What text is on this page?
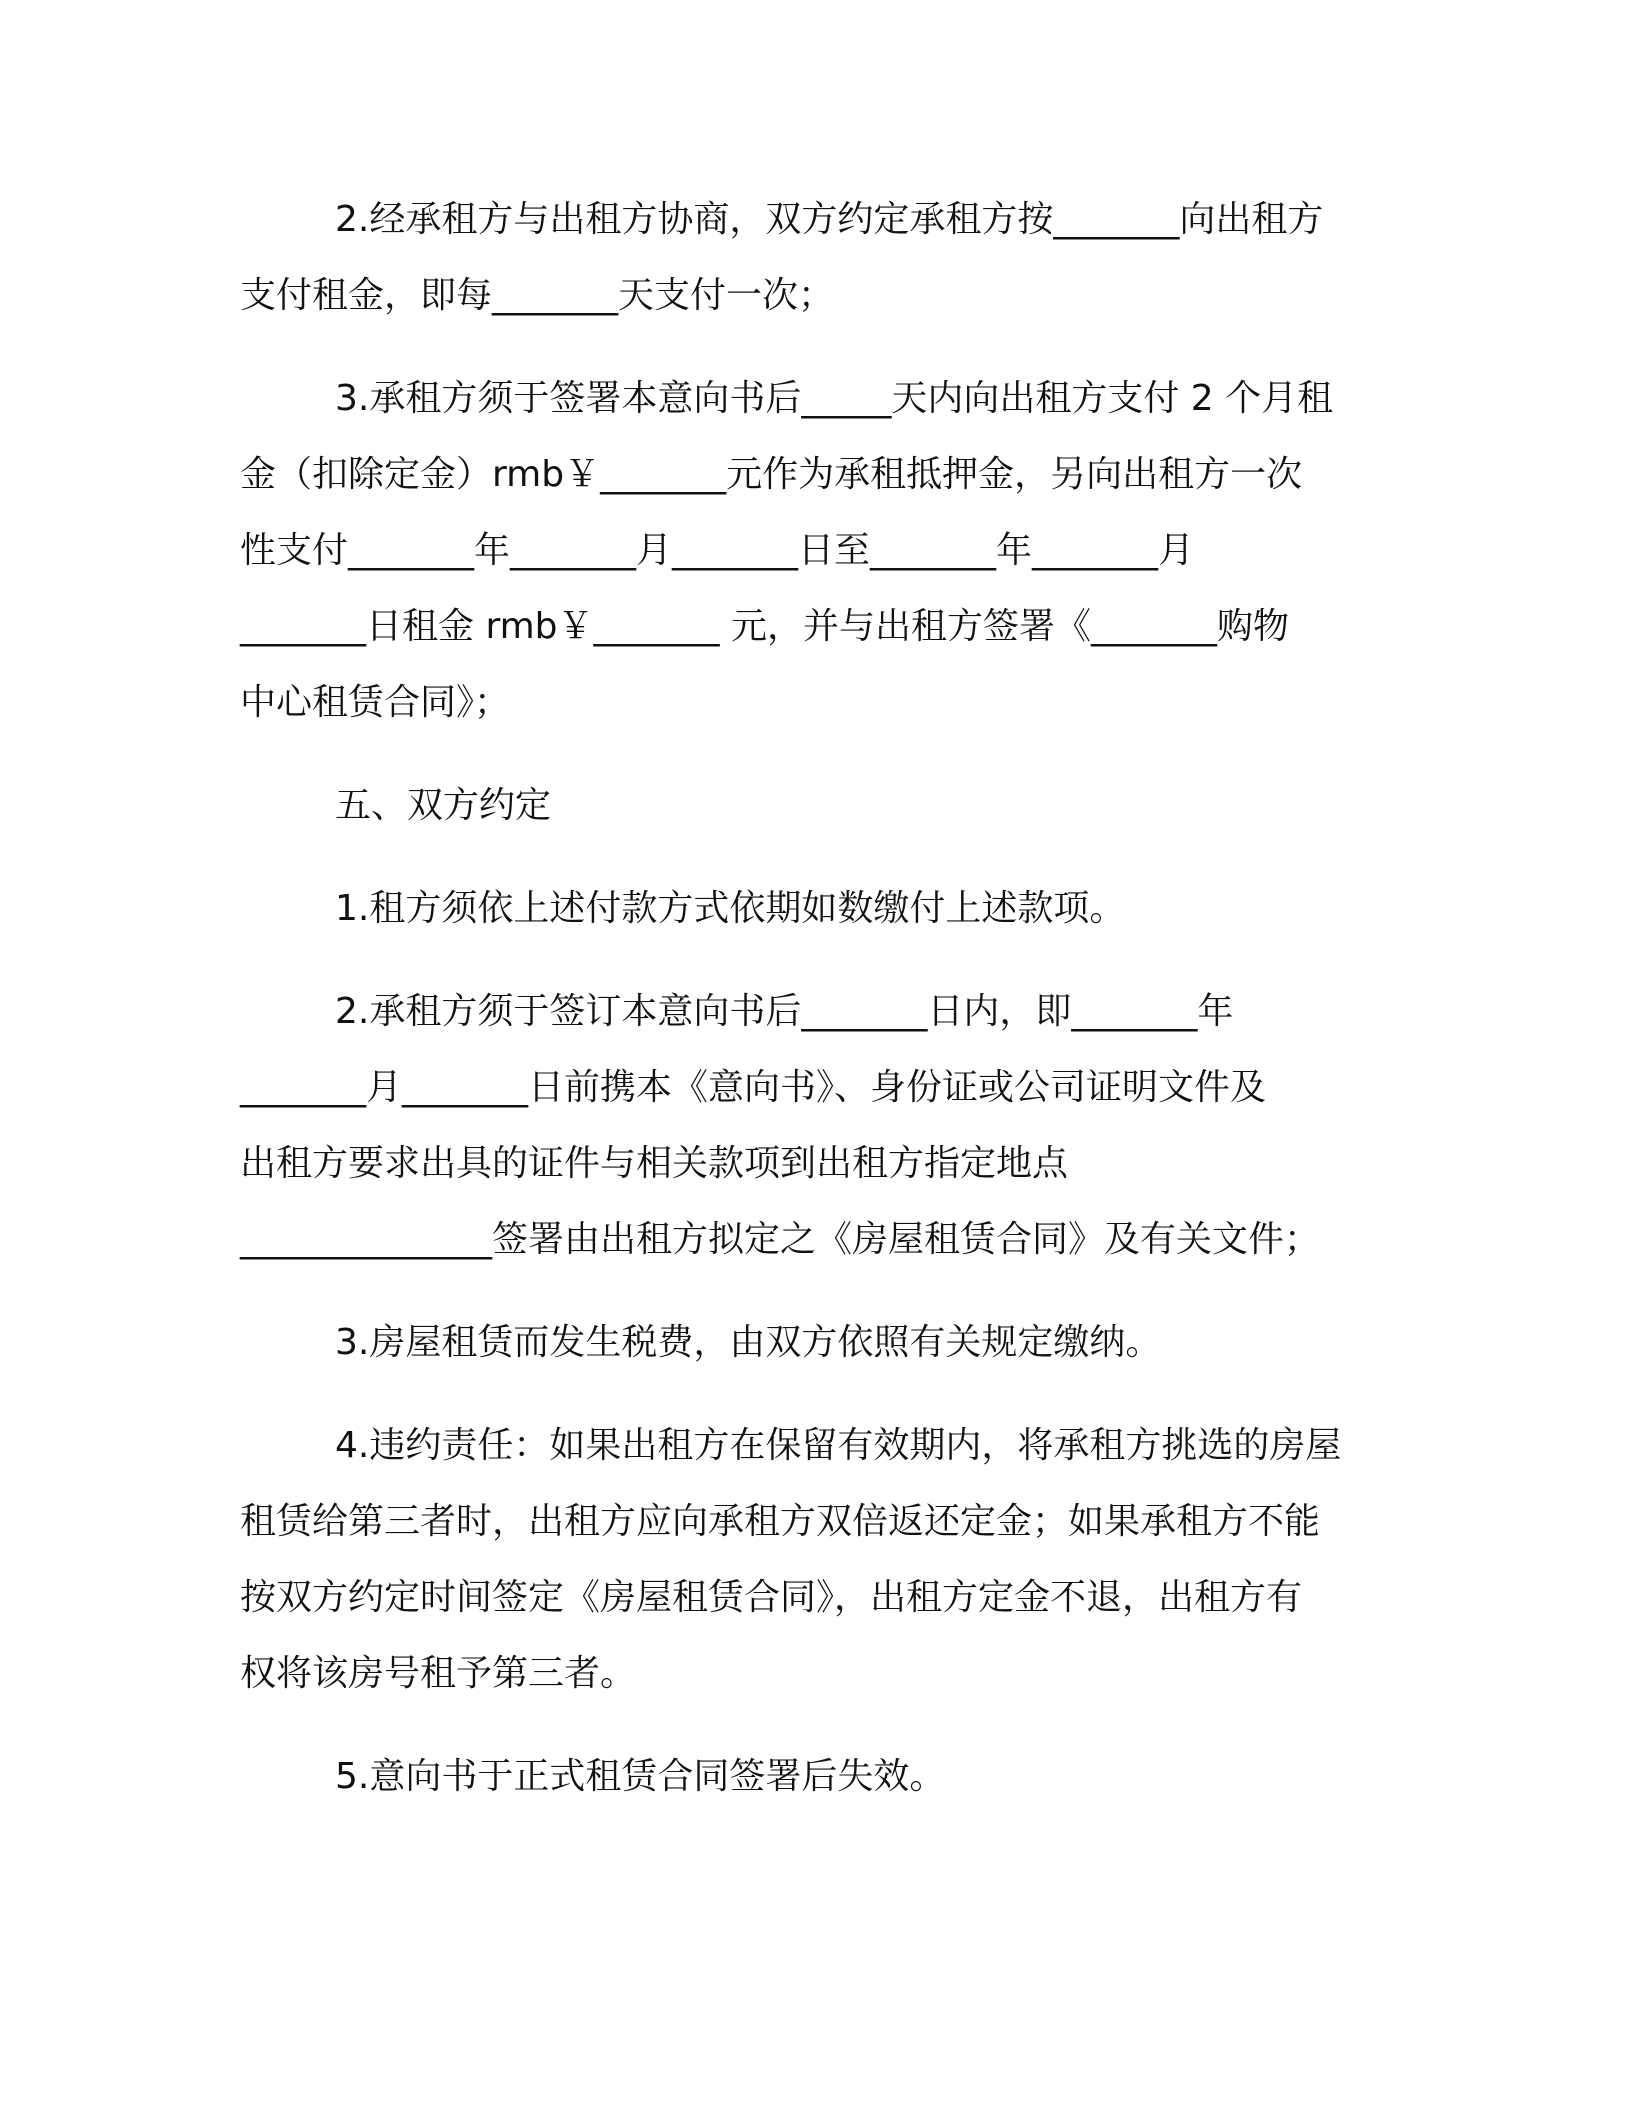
2.经承租方与出租方协商，双方约定承租方按_______向出租方

支付租金，即每_______天支付一次；

3.承租方须于签署本意向书后_____天内向出租方支付 2 个月租

金（扣除定金）rmb￥_______元作为承租抵押金，另向出租方一次

性支付_______年_______月_______日至_______年_______月

_______日租金 rmb￥_______ 元，并与出租方签署《_______购物

中心租赁合同》；

五、双方约定

1.租方须依上述付款方式依期如数缴付上述款项。

2.承租方须于签订本意向书后_______日内，即_______年

_______月_______日前携本《意向书》、身份证或公司证明文件及

出租方要求出具的证件与相关款项到出租方指定地点

______________签署由出租方拟定之《房屋租赁合同》及有关文件；

3.房屋租赁而发生税费，由双方依照有关规定缴纳。

4.违约责任：如果出租方在保留有效期内，将承租方挑选的房屋

租赁给第三者时，出租方应向承租方双倍返还定金；如果承租方不能

按双方约定时间签定《房屋租赁合同》，出租方定金不退，出租方有

权将该房号租予第三者。

5.意向书于正式租赁合同签署后失效。
